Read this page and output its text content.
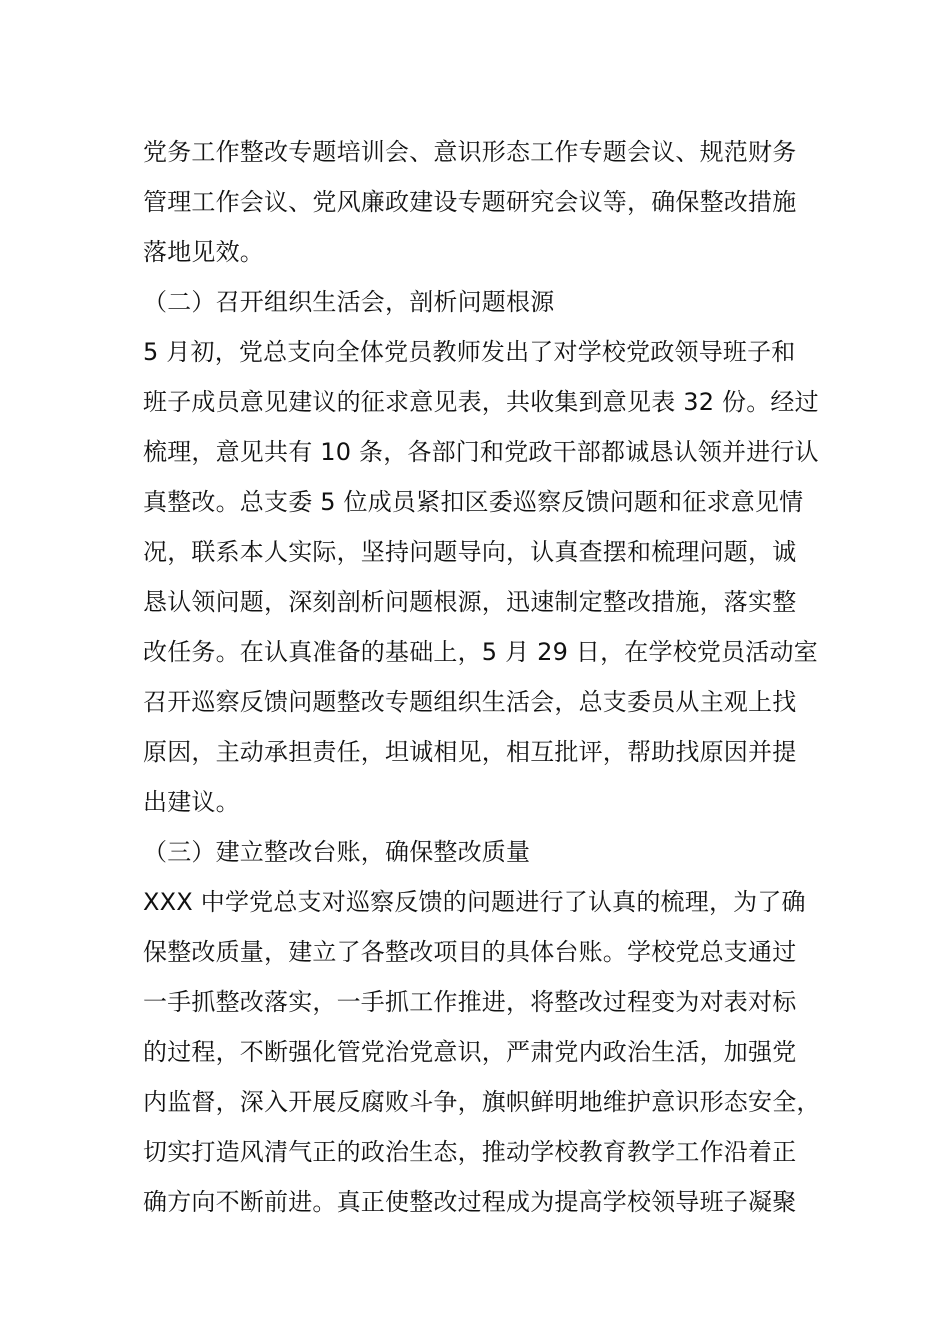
党务工作整改专题培训会、意识形态工作专题会议、规范财务
管理工作会议、党风廉政建设专题研究会议等，确保整改措施
落地见效。
（二）召开组织生活会，剖析问题根源
5 月初，党总支向全体党员教师发出了对学校党政领导班子和
班子成员意见建议的征求意见表，共收集到意见表 32 份。经过
梳理，意见共有 10 条，各部门和党政干部都诚恳认领并进行认
真整改。总支委 5 位成员紧扣区委巡察反馈问题和征求意见情
况，联系本人实际，坚持问题导向，认真查摆和梳理问题，诚
恳认领问题，深刻剖析问题根源，迅速制定整改措施，落实整
改任务。在认真准备的基础上，5 月 29 日，在学校党员活动室
召开巡察反馈问题整改专题组织生活会，总支委员从主观上找
原因，主动承担责任，坦诚相见，相互批评，帮助找原因并提
出建议。
（三）建立整改台账，确保整改质量
XXX 中学党总支对巡察反馈的问题进行了认真的梳理，为了确
保整改质量，建立了各整改项目的具体台账。学校党总支通过
一手抓整改落实，一手抓工作推进，将整改过程变为对表对标
的过程，不断强化管党治党意识，严肃党内政治生活，加强党
内监督，深入开展反腐败斗争，旗帜鲜明地维护意识形态安全，
切实打造风清气正的政治生态，推动学校教育教学工作沿着正
确方向不断前进。真正使整改过程成为提高学校领导班子凝聚
